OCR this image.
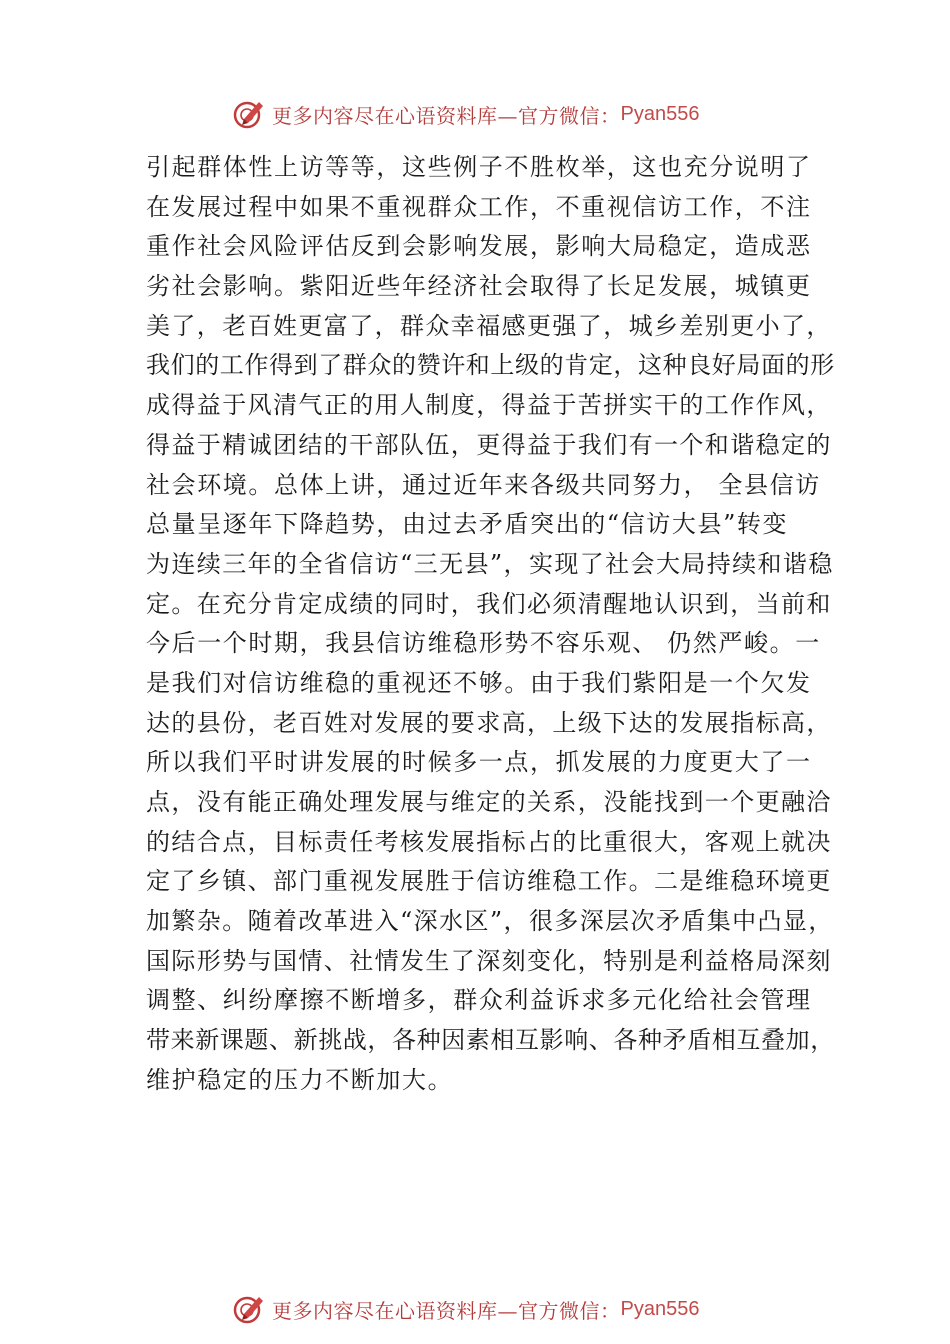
更多内容尽在心语资料库—官方微信： Pyan556
引起群体性上访等等，这些例子不胜枚举，这也充分说明了
在发展过程中如果不重视群众工作，不重视信访工作，不注
重作社会风险评估反到会影响发展，影响大局稳定，造成恶
劣社会影响。紫阳近些年经济社会取得了长足发展，城镇更
美了，老百姓更富了，群众幸福感更强了，城乡差别更小了，
我们的工作得到了群众的赞许和上级的肯定，这种良好局面的形
成得益于风清气正的用人制度，得益于苦拼实干的工作作风，
得益于精诚团结的干部队伍，更得益于我们有一个和谐稳定的
社会环境。总体上讲，通过近年来各级共同努力， 全县信访
总量呈逐年下降趋势，由过去矛盾突出的“信访大县”转变
为连续三年的全省信访“三无县”，实现了社会大局持续和谐稳
定。在充分肯定成绩的同时，我们必须清醒地认识到，当前和
今后一个时期，我县信访维稳形势不容乐观、 仍然严峻。一
是我们对信访维稳的重视还不够。由于我们紫阳是一个欠发
达的县份，老百姓对发展的要求高，上级下达的发展指标高，
所以我们平时讲发展的时候多一点，抓发展的力度更大了一
点，没有能正确处理发展与维定的关系，没能找到一个更融洽
的结合点，目标责任考核发展指标占的比重很大，客观上就决
定了乡镇、部门重视发展胜于信访维稳工作。二是维稳环境更
加繁杂。随着改革进入“深水区”，很多深层次矛盾集中凸显，
国际形势与国情、社情发生了深刻变化，特别是利益格局深刻
调整、纠纷摩擦不断增多，群众利益诉求多元化给社会管理
带来新课题、新挑战，各种因素相互影响、各种矛盾相互叠加，
维护稳定的压力不断加大。
更多内容尽在心语资料库—官方微信： Pyan556
